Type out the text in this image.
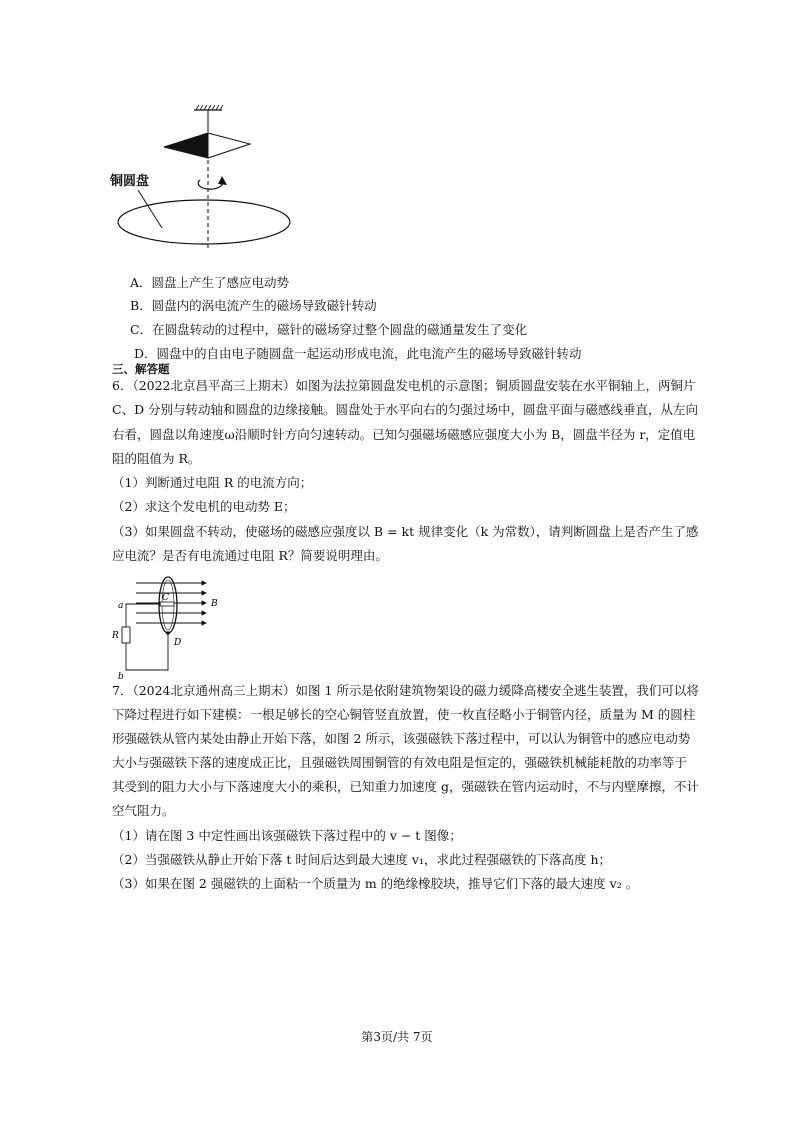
铜圆盘
A．圆盘上产生了感应电动势
B．圆盘内的涡电流产生的磁场导致磁针转动
C．在圆盘转动的过程中，磁针的磁场穿过整个圆盘的磁通量发生了变化
D．圆盘中的自由电子随圆盘一起运动形成电流，此电流产生的磁场导致磁针转动
三、解答题
6．（2022北京昌平高三上期末）如图为法拉第圆盘发电机的示意图；铜质圆盘安装在水平铜轴上，两铜片
C、D 分别与转动轴和圆盘的边缘接触。圆盘处于水平向右的匀强过场中，圆盘平面与磁感线垂直，从左向
右看，圆盘以角速度ω沿顺时针方向匀速转动。已知匀强磁场磁感应强度大小为 B，圆盘半径为 r，定值电
阻的阻值为 R。
（1）判断通过电阻 R 的电流方向；
（2）求这个发电机的电动势 E；
（3）如果圆盘不转动，使磁场的磁感应强度以 B = kt 规律变化（k 为常数），请判断圆盘上是否产生了感
应电流？是否有电流通过电阻 R？简要说明理由。
a
R
b
C
D
B
7．（2024北京通州高三上期末）如图 1 所示是依附建筑物架设的磁力缓降高楼安全逃生装置，我们可以将
下降过程进行如下建模：一根足够长的空心铜管竖直放置，使一枚直径略小于铜管内径，质量为 M 的圆柱
形强磁铁从管内某处由静止开始下落，如图 2 所示，该强磁铁下落过程中，可以认为铜管中的感应电动势
大小与强磁铁下落的速度成正比，且强磁铁周围铜管的有效电阻是恒定的，强磁铁机械能耗散的功率等于
其受到的阻力大小与下落速度大小的乘积，已知重力加速度 g，强磁铁在管内运动时，不与内壁摩擦，不计
空气阻力。
（1）请在图 3 中定性画出该强磁铁下落过程中的 v − t 图像；
（2）当强磁铁从静止开始下落 t 时间后达到最大速度 v₁，求此过程强磁铁的下落高度 h；
（3）如果在图 2 强磁铁的上面粘一个质量为 m 的绝缘橡胶块，推导它们下落的最大速度 v₂ 。
第3页/共 7页
